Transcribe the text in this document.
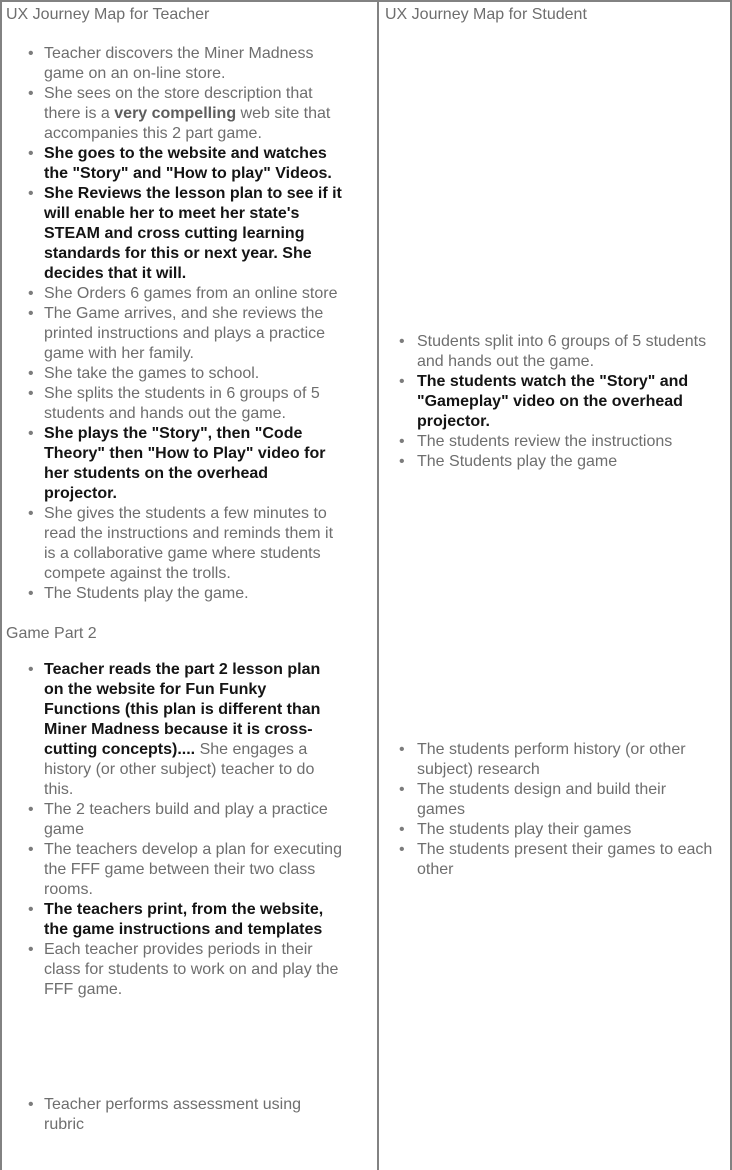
UX Journey Map for Teacher
• Teacher discovers the Miner Madness game on an on-line store.
• She sees on the store description that there is a very compelling web site that accompanies this 2 part game.
• She goes to the website and watches the "Story" and "How to play" Videos.
• She Reviews the lesson plan to see if it will enable her to meet her state's STEAM and cross cutting learning standards for this or next year. She decides that it will.
• She Orders 6 games from an online store
• The Game arrives, and she reviews the printed instructions and plays a practice game with her family.
• She take the games to school.
• She splits the students in 6 groups of 5 students and hands out the game.
• She plays the "Story", then "Code Theory" then "How to Play" video for her students on the overhead projector.
• She gives the students a few minutes to read the instructions and reminds them it is a collaborative game where students compete against the trolls.
• The Students play the game.
Game Part 2
• Teacher reads the part 2 lesson plan on the website for Fun Funky Functions (this plan is different than Miner Madness because it is cross-cutting concepts).... She engages a history (or other subject) teacher to do this.
• The 2 teachers build and play a practice game
• The teachers develop a plan for executing the FFF game between their two class rooms.
• The teachers print, from the website, the game instructions and templates
• Each teacher provides periods in their class for students to work on and play the FFF game.
• Teacher performs assessment using rubric
UX Journey Map for Student
• Students split into 6 groups of 5 students and hands out the game.
• The students watch the "Story" and "Gameplay" video on the overhead projector.
• The students review the instructions
• The Students play the game
• The students perform history (or other subject) research
• The students design and build their games
• The students play their games
• The students present their games to each other
